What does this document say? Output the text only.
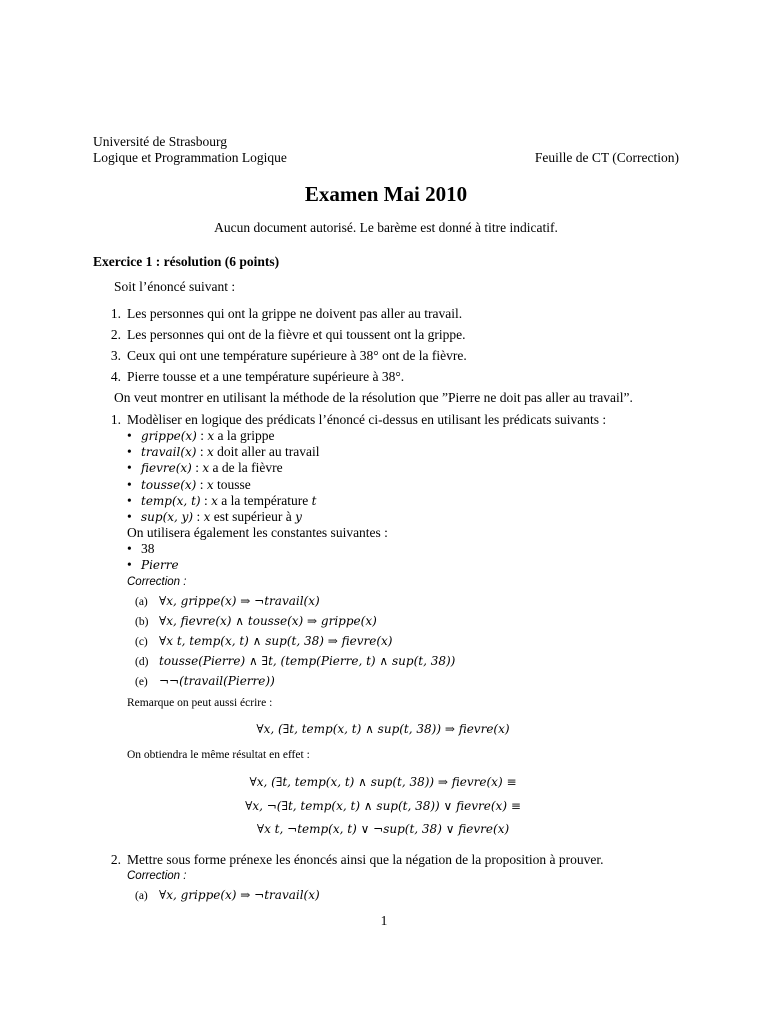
Université de Strasbourg
Logique et Programmation Logique	Feuille de CT (Correction)
Examen Mai 2010
Aucun document autorisé. Le barème est donné à titre indicatif.
Exercice 1 : résolution (6 points)
Soit l’énoncé suivant :
1. Les personnes qui ont la grippe ne doivent pas aller au travail.
2. Les personnes qui ont de la fièvre et qui toussent ont la grippe.
3. Ceux qui ont une température supérieure à 38° ont de la fièvre.
4. Pierre tousse et a une température supérieure à 38°.
On veut montrer en utilisant la méthode de la résolution que ”Pierre ne doit pas aller au travail”.
1. Modèliser en logique des prédicats l’énoncé ci-dessus en utilisant les prédicats suivants :
• grippe(x) : x a la grippe
• travail(x) : x doit aller au travail
• fievre(x) : x a de la fièvre
• tousse(x) : x tousse
• temp(x, t) : x a la température t
• sup(x, y) : x est supérieur à y
On utilisera également les constantes suivantes :
• 38
• Pierre
Correction :
(a) ∀x, grippe(x) ⇒ ¬travail(x)
(b) ∀x, fievre(x) ∧ tousse(x) ⇒ grippe(x)
(c) ∀x t, temp(x, t) ∧ sup(t, 38) ⇒ fievre(x)
(d) tousse(Pierre) ∧ ∃t, (temp(Pierre, t) ∧ sup(t, 38))
(e) ¬¬(travail(Pierre))
Remarque on peut aussi écrire :
∀x, (∃t, temp(x, t) ∧ sup(t, 38)) ⇒ fievre(x)
On obtiendra le même résultat en effet :
∀x, (∃t, temp(x, t) ∧ sup(t, 38)) ⇒ fievre(x) ≡
∀x, ¬(∃t, temp(x, t) ∧ sup(t, 38)) ∨ fievre(x) ≡
∀x t, ¬temp(x, t) ∨ ¬sup(t, 38) ∨ fievre(x)
2. Mettre sous forme prénexe les énoncés ainsi que la négation de la proposition à prouver.
Correction :
(a) ∀x, grippe(x) ⇒ ¬travail(x)
1
